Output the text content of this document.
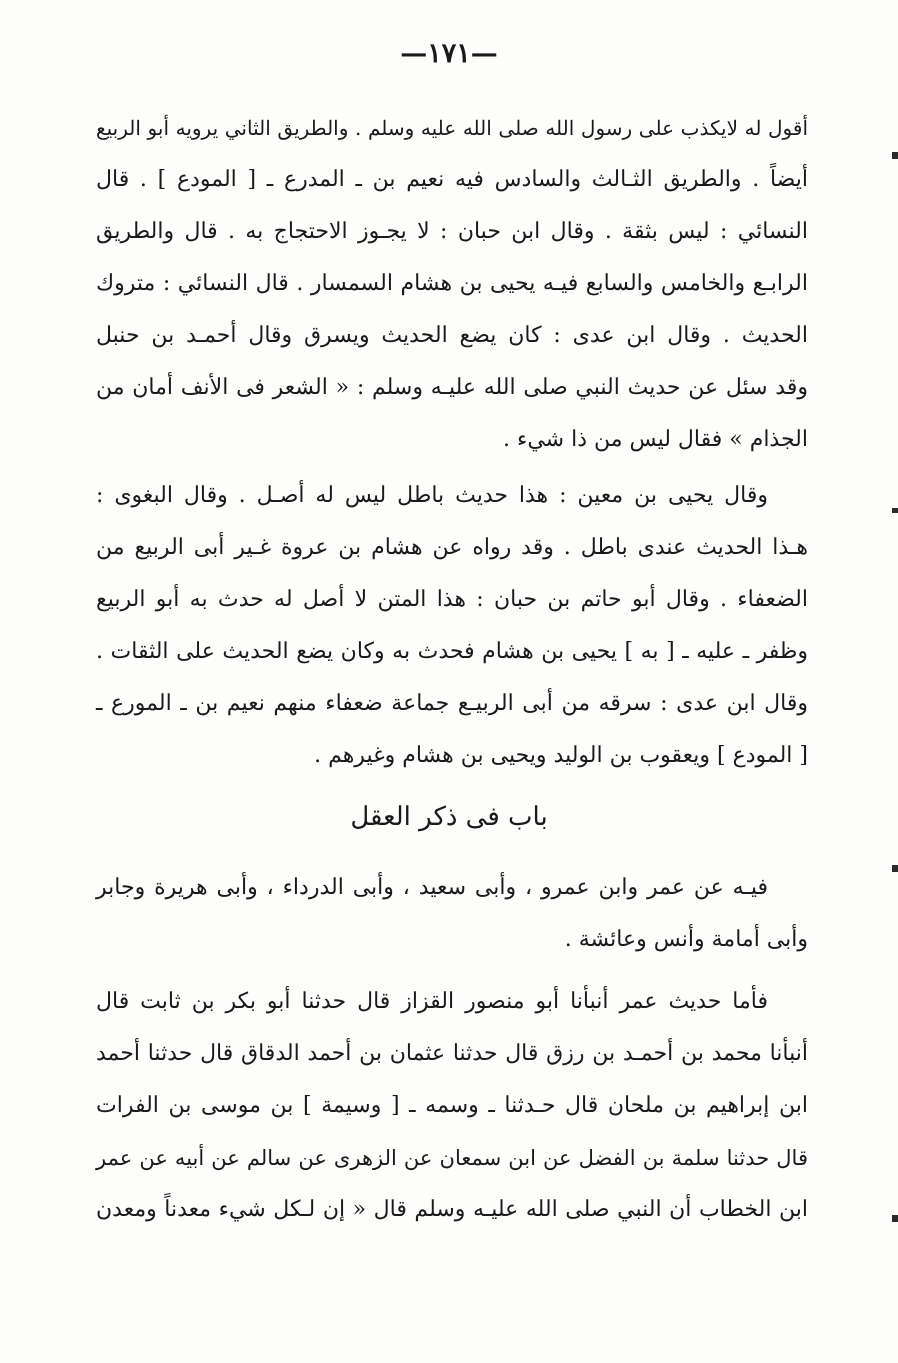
—١٧١—
أقول له لايكذب على رسول الله صلى الله عليه وسلم . والطريق الثاني يرويه أبو الربيع
أيضاً . والطريق الثـالث والسادس فيه نعيم بن ـ المدرع ـ [ المودع ] . قال
النسائي : ليس بثقة . وقال ابن حبان : لا يجـوز الاحتجاج به . قال والطريق
الرابـع والخامس والسابع فيـه يحيى بن هشام السمسار . قال النسائي : متروك
الحديث . وقال ابن عدى : كان يضع الحديث ويسرق وقال أحمـد بن حنبل
وقد سئل عن حديث النبي صلى الله عليـه وسلم : « الشعر فى الأنف أمان من
الجذام » فقال ليس من ذا شيء .
وقال يحيى بن معين : هذا حديث باطل ليس له أصـل . وقال البغوى :
هـذا الحديث عندى باطل . وقد رواه عن هشام بن عروة غـير أبى الربيع من
الضعفاء . وقال أبو حاتم بن حبان : هذا المتن لا أصل له حدث به أبو الربيع
وظفر ـ عليه ـ [ به ] يحيى بن هشام فحدث به وكان يضع الحديث على الثقات .
وقال ابن عدى : سرقه من أبى الربيـع جماعة ضعفاء منهم نعيم بن ـ المورع ـ
[ المودع ] ويعقوب بن الوليد ويحيى بن هشام وغيرهم .
باب فى ذكر العقل
فيـه عن عمر وابن عمرو ، وأبى سعيد ، وأبى الدرداء ، وأبى هريرة وجابر
وأبى أمامة وأنس وعائشة .
فأما حديث عمر أنبأنا أبو منصور القزاز قال حدثنا أبو بكر بن ثابت قال
أنبأنا محمد بن أحمـد بن رزق قال حدثنا عثمان بن أحمد الدقاق قال حدثنا أحمد
ابن إبراهيم بن ملحان قال حـدثنا ـ وسمه ـ [ وسيمة ] بن موسى بن الفرات
قال حدثنا سلمة بن الفضل عن ابن سمعان عن الزهرى عن سالم عن أبيه عن عمر
ابن الخطاب أن النبي صلى الله عليـه وسلم قال « إن لـكل شيء معدناً ومعدن
